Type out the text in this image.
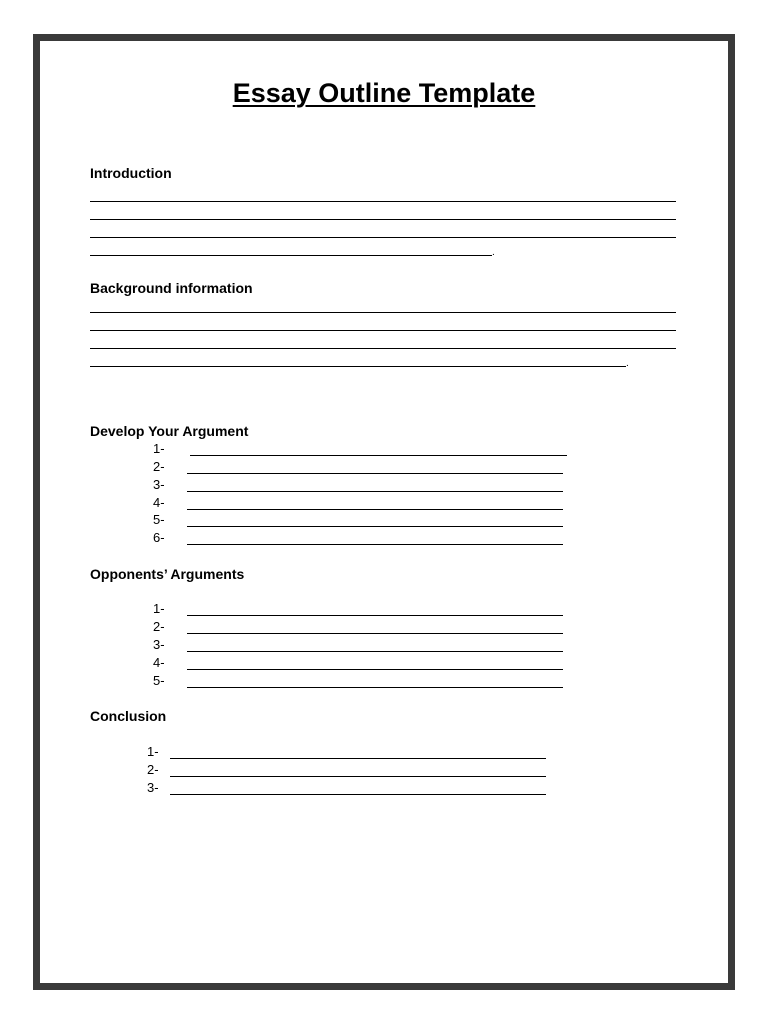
Essay Outline Template
Introduction
.
Background information
.
Develop Your Argument
1-
2-
3-
4-
5-
6-
Opponents’ Arguments
1-
2-
3-
4-
5-
Conclusion
1-
2-
3-
